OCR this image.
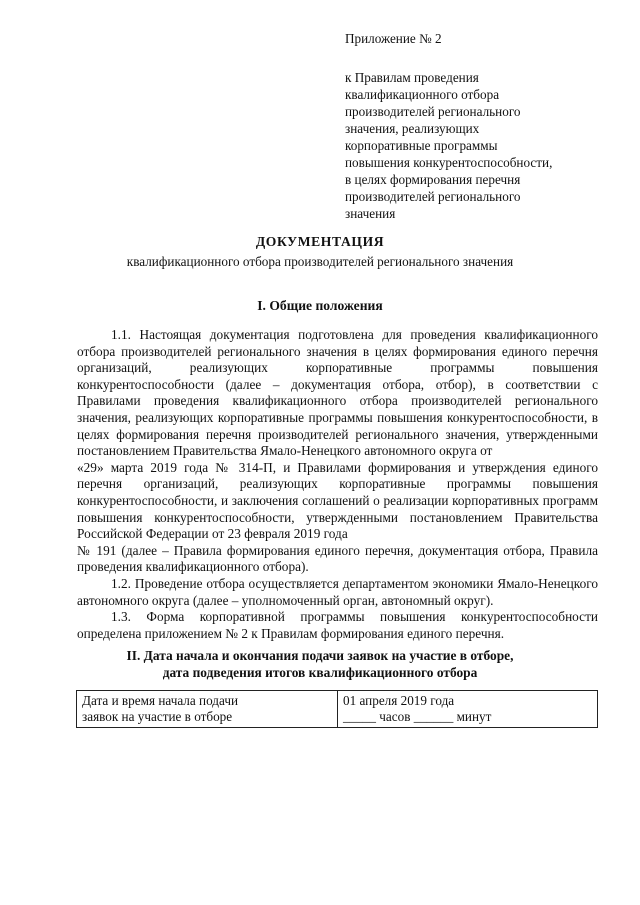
Приложение № 2
к Правилам проведения
квалификационного отбора
производителей регионального
значения, реализующих
корпоративные программы
повышения конкурентоспособности,
в целях формирования перечня
производителей регионального
значения
ДОКУМЕНТАЦИЯ
квалификационного отбора производителей регионального значения
I. Общие положения

1.1. Настоящая документация подготовлена для проведения квалификационного отбора производителей регионального значения в целях формирования единого перечня организаций, реализующих корпоративные программы повышения конкурентоспособности (далее – документация отбора, отбор), в соответствии с Правилами проведения квалификационного отбора производителей регионального значения, реализующих корпоративные программы повышения конкурентоспособности, в целях формирования перечня производителей регионального значения, утвержденными постановлением Правительства Ямало-Ненецкого автономного округа от
«29» марта 2019 года № 314-П, и Правилами формирования и утверждения единого перечня организаций, реализующих корпоративные программы повышения конкурентоспособности, и заключения соглашений о реализации корпоративных программ повышения конкурентоспособности, утвержденными постановлением Правительства Российской Федерации от 23 февраля 2019 года
№ 191 (далее – Правила формирования единого перечня, документация отбора, Правила проведения квалификационного отбора).

1.2. Проведение отбора осуществляется департаментом экономики Ямало-Ненецкого автономного округа (далее – уполномоченный орган, автономный округ).

1.3. Форма корпоративной программы повышения конкурентоспособности определена приложением № 2 к Правилам формирования единого перечня.

II. Дата начала и окончания подачи заявок на участие в отборе,
дата подведения итогов квалификационного отбора
Дата и время начала подачи
заявок на участие в отборе	01 апреля 2019 года
_____ часов ______ минут
